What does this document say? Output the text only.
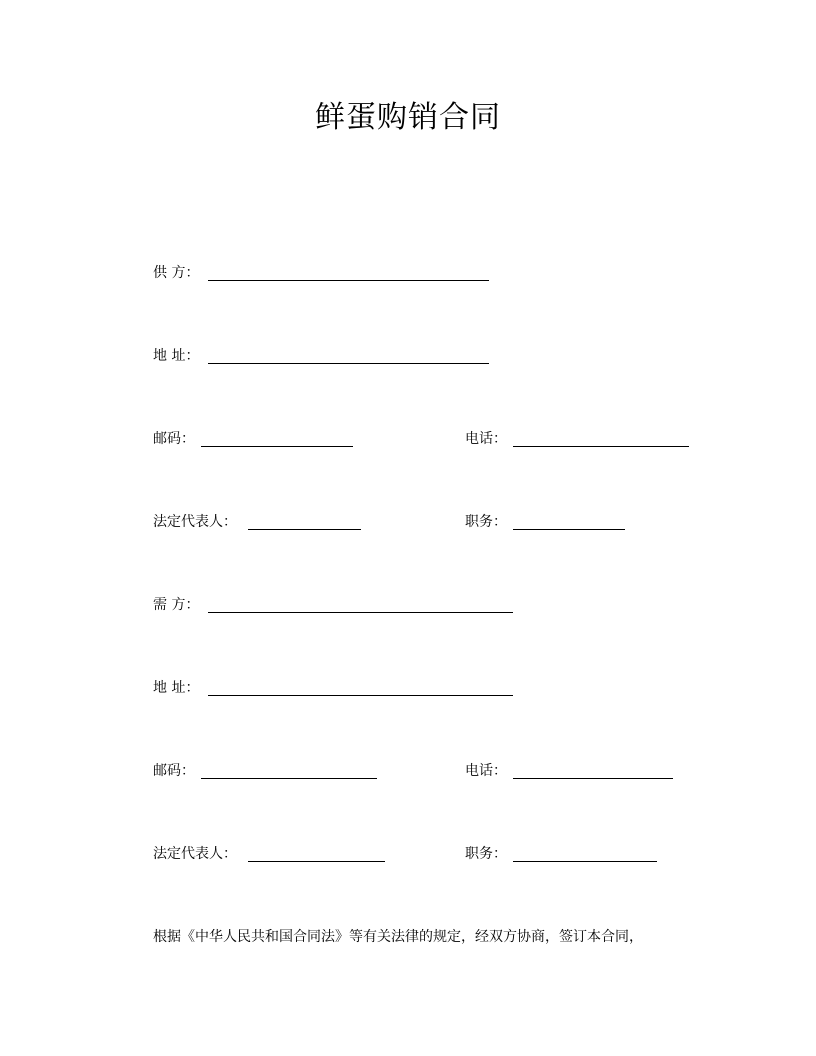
鲜蛋购销合同
供 方：
地 址：
邮码：	电话：
法定代表人：	职务：
需 方：
地 址：
邮码：	电话：
法定代表人：	职务：
根据《中华人民共和国合同法》等有关法律的规定，经双方协商，签订本合同，
